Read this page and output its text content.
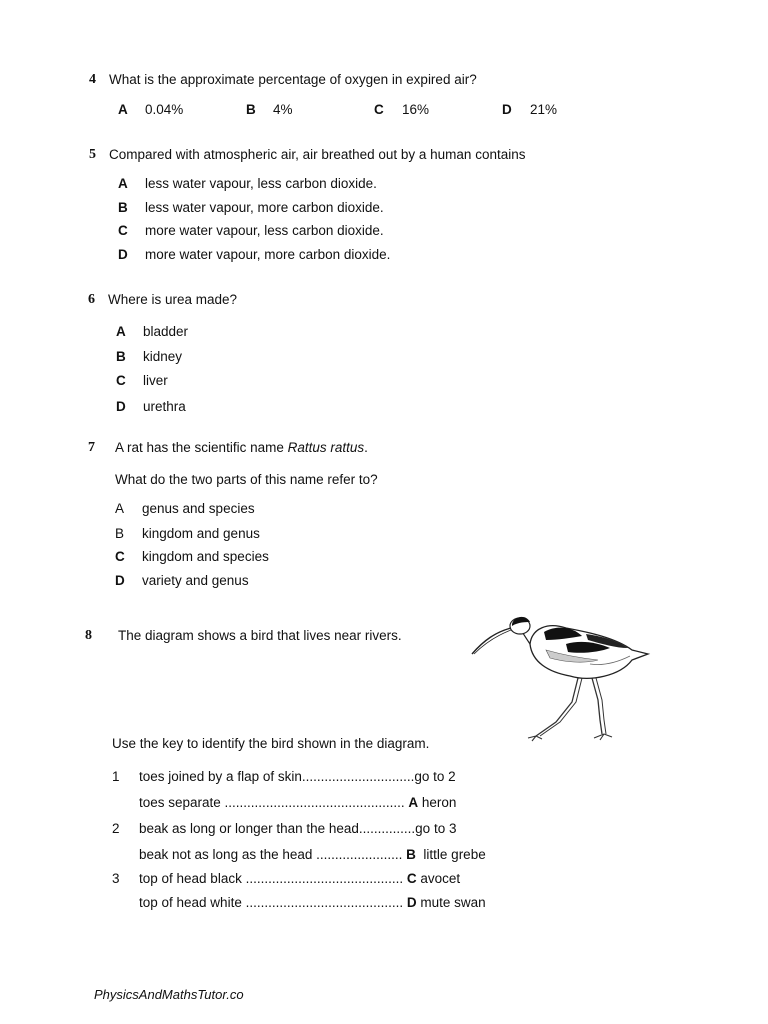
4 What is the approximate percentage of oxygen in expired air?
A 0.04%	B 4%	C 16%	D 21%
5 Compared with atmospheric air, air breathed out by a human contains
A less water vapour, less carbon dioxide.
B less water vapour, more carbon dioxide.
C more water vapour, less carbon dioxide.
D more water vapour, more carbon dioxide.
6 Where is urea made?
A bladder
B kidney
C liver
D urethra
7 A rat has the scientific name Rattus rattus.
What do the two parts of this name refer to?
A genus and species
B kingdom and genus
C kingdom and species
D variety and genus
8 The diagram shows a bird that lives near rivers.
Use the key to identify the bird shown in the diagram.
1 toes joined by a flap of skin..............................go to 2
toes separate ................................................ A heron
2 beak as long or longer than the head...............go to 3
beak not as long as the head ....................... B  little grebe
3 top of head black .......................................... C avocet
top of head white .......................................... D mute swan
PhysicsAndMathsTutor.co
